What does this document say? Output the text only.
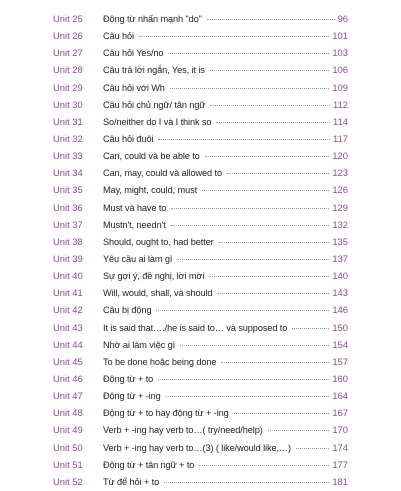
Unit 25 Động từ nhấn mạnh "do"	96
Unit 26 Câu hỏi	101
Unit 27 Câu hỏi Yes/no	103
Unit 28 Câu trả lời ngắn, Yes, it is	106
Unit 29 Câu hỏi với Wh	109
Unit 30 Câu hỏi chủ ngữ/ tân ngữ	112
Unit 31 So/neither do I và I think so	114
Unit 32 Câu hỏi đuôi	117
Unit 33 Can, could và be able to	120
Unit 34 Can, may, could và allowed to	123
Unit 35 May, might, could, must	126
Unit 36 Must và have to	129
Unit 37 Mustn't, needn't	132
Unit 38 Should, ought to, had better	135
Unit 39 Yêu cầu ai làm gì	137
Unit 40 Sự gợi ý, đề nghị, lời mời	140
Unit 41 Will, would, shall, và should	143
Unit 42 Câu bị động	146
Unit 43 It is said that…./he is said to… và supposed to	150
Unit 44 Nhờ ai làm việc gì	154
Unit 45 To be done hoặc being done	157
Unit 46 Động từ + to	160
Unit 47 Động từ + -ing	164
Unit 48 Động từ + to hay động từ + -ing	167
Unit 49 Verb + -ing hay verb to…( try/need/help)	170
Unit 50 Verb + -ing hay verb to…(3) ( like/would like,…)	174
Unit 51 Động từ + tân ngữ + to	177
Unit 52 Từ để hỏi + to	181
